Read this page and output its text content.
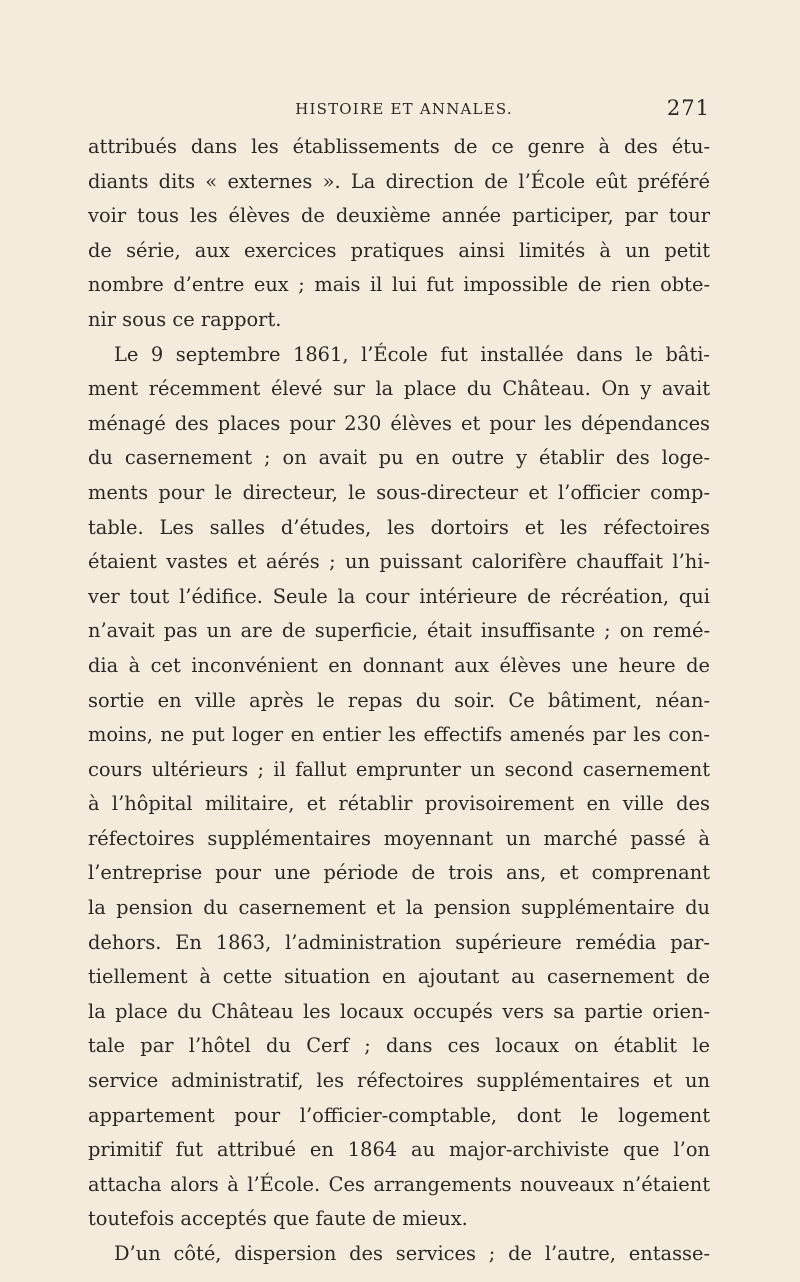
HISTOIRE ET ANNALES.	271
attribués dans les établissements de ce genre à des étu-
diants dits « externes ». La direction de l’École eût préféré
voir tous les élèves de deuxième année participer, par tour
de série, aux exercices pratiques ainsi limités à un petit
nombre d’entre eux ; mais il lui fut impossible de rien obte-
nir sous ce rapport.
Le 9 septembre 1861, l’École fut installée dans le bâti-
ment récemment élevé sur la place du Château. On y avait
ménagé des places pour 230 élèves et pour les dépendances
du casernement ; on avait pu en outre y établir des loge-
ments pour le directeur, le sous-directeur et l’officier comp-
table. Les salles d’études, les dortoirs et les réfectoires
étaient vastes et aérés ; un puissant calorifère chauffait l’hi-
ver tout l’édifice. Seule la cour intérieure de récréation, qui
n’avait pas un are de superficie, était insuffisante ; on remé-
dia à cet inconvénient en donnant aux élèves une heure de
sortie en ville après le repas du soir. Ce bâtiment, néan-
moins, ne put loger en entier les effectifs amenés par les con-
cours ultérieurs ; il fallut emprunter un second casernement
à l’hôpital militaire, et rétablir provisoirement en ville des
réfectoires supplémentaires moyennant un marché passé à
l’entreprise pour une période de trois ans, et comprenant
la pension du casernement et la pension supplémentaire du
dehors. En 1863, l’administration supérieure remédia par-
tiellement à cette situation en ajoutant au casernement de
la place du Château les locaux occupés vers sa partie orien-
tale par l’hôtel du Cerf ; dans ces locaux on établit le
service administratif, les réfectoires supplémentaires et un
appartement pour l’officier-comptable, dont le logement
primitif fut attribué en 1864 au major-archiviste que l’on
attacha alors à l’École. Ces arrangements nouveaux n’étaient
toutefois acceptés que faute de mieux.
D’un côté, dispersion des services ; de l’autre, entasse-
